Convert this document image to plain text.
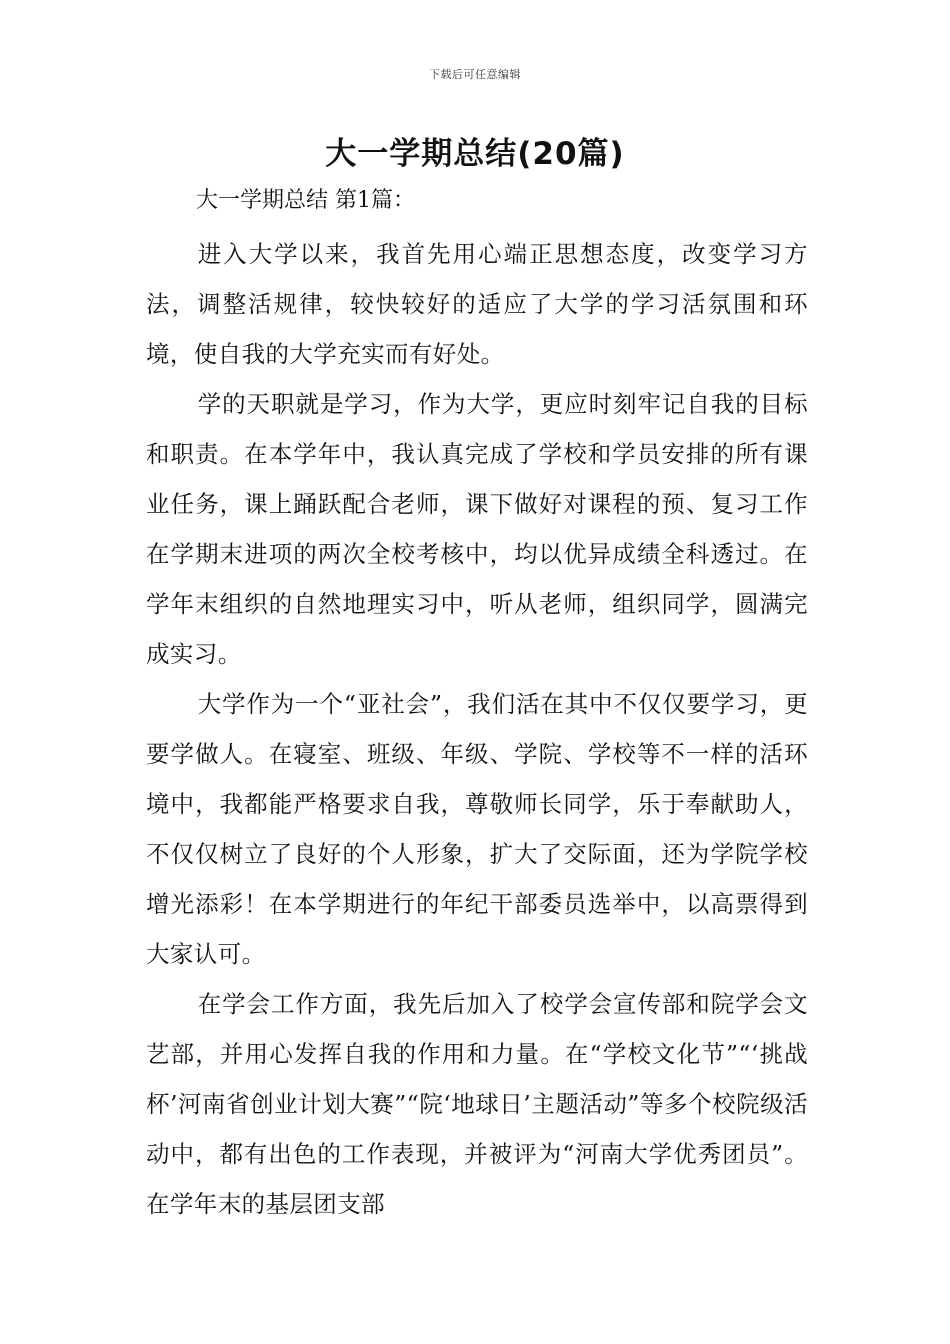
下载后可任意编辑
大一学期总结(20篇)

大一学期总结 第1篇：

进入大学以来，我首先用心端正思想态度，改变学习方法，调整活规律，较快较好的适应了大学的学习活氛围和环境，使自我的大学充实而有好处。

学的天职就是学习，作为大学，更应时刻牢记自我的目标和职责。在本学年中，我认真完成了学校和学员安排的所有课业任务，课上踊跃配合老师，课下做好对课程的预、复习工作在学期末进项的两次全校考核中，均以优异成绩全科透过。在学年末组织的自然地理实习中，听从老师，组织同学，圆满完成实习。

大学作为一个“亚社会”，我们活在其中不仅仅要学习，更要学做人。在寝室、班级、年级、学院、学校等不一样的活环境中，我都能严格要求自我，尊敬师长同学，乐于奉献助人，不仅仅树立了良好的个人形象，扩大了交际面，还为学院学校增光添彩！在本学期进行的年纪干部委员选举中，以高票得到大家认可。

在学会工作方面，我先后加入了校学会宣传部和院学会文艺部，并用心发挥自我的作用和力量。在“学校文化节”“‘挑战杯’河南省创业计划大赛”“院‘地球日’主题活动”等多个校院级活动中，都有出色的工作表现，并被评为“河南大学优秀团员”。在学年末的基层团支部
